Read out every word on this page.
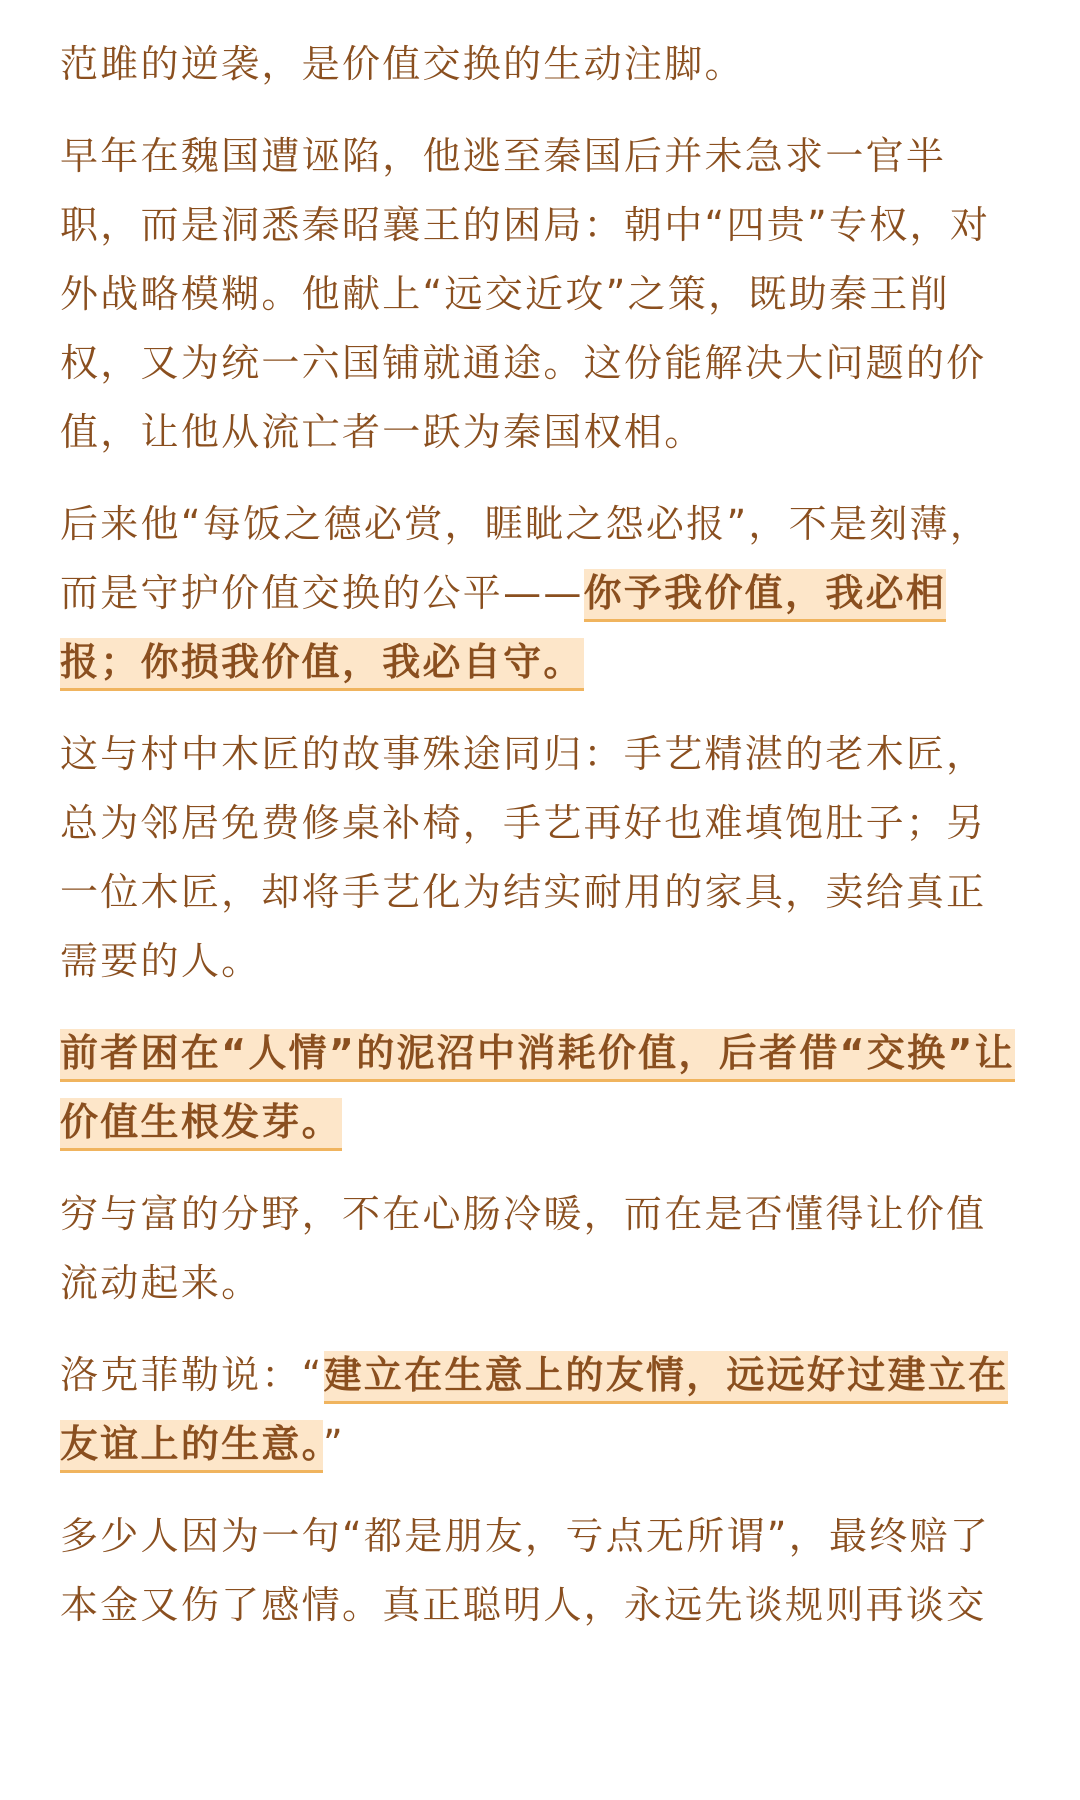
范雎的逆袭，是价值交换的生动注脚。

早年在魏国遭诬陷，他逃至秦国后并未急求一官半职，而是洞悉秦昭襄王的困局：朝中“四贵”专权，对外战略模糊。他献上“远交近攻”之策，既助秦王削权，又为统一六国铺就通途。这份能解决大问题的价值，让他从流亡者一跃为秦国权相。

后来他“每饭之德必赏，睚眦之怨必报”，不是刻薄，而是守护价值交换的公平——你予我价值，我必相报；你损我价值，我必自守。

这与村中木匠的故事殊途同归：手艺精湛的老木匠，总为邻居免费修桌补椅，手艺再好也难填饱肚子；另一位木匠，却将手艺化为结实耐用的家具，卖给真正需要的人。

前者困在“人情”的泥沼中消耗价值，后者借“交换”让价值生根发芽。

穷与富的分野，不在心肠冷暖，而在是否懂得让价值流动起来。

洛克菲勒说：“建立在生意上的友情，远远好过建立在友谊上的生意。”

多少人因为一句“都是朋友，亏点无所谓”，最终赔了本金又伤了感情。真正聪明人，永远先谈规则再谈交
